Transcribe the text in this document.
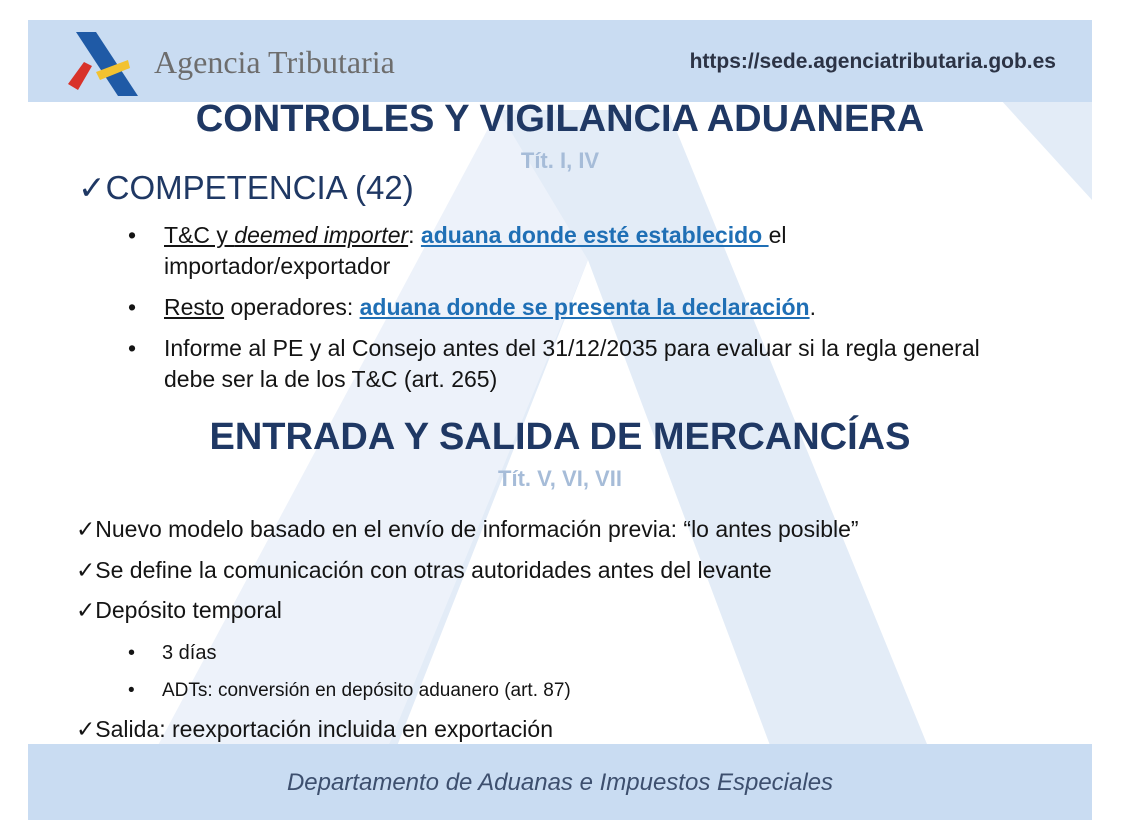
Agencia Tributaria	https://sede.agenciatributaria.gob.es
CONTROLES Y VIGILANCIA ADUANERA
Tít. I, IV
✓COMPETENCIA (42)
• T&C y deemed importer: aduana donde esté establecido el importador/exportador
• Resto operadores: aduana donde se presenta la declaración.
• Informe al PE y al Consejo antes del 31/12/2035 para evaluar si la regla general debe ser la de los T&C (art. 265)
ENTRADA Y SALIDA DE MERCANCÍAS
Tít. V, VI, VII
✓Nuevo modelo basado en el envío de información previa: “lo antes posible”
✓Se define la comunicación con otras autoridades antes del levante
✓Depósito temporal
• 3 días
• ADTs: conversión en depósito aduanero (art. 87)
✓Salida: reexportación incluida en exportación
Departamento de Aduanas e Impuestos Especiales
